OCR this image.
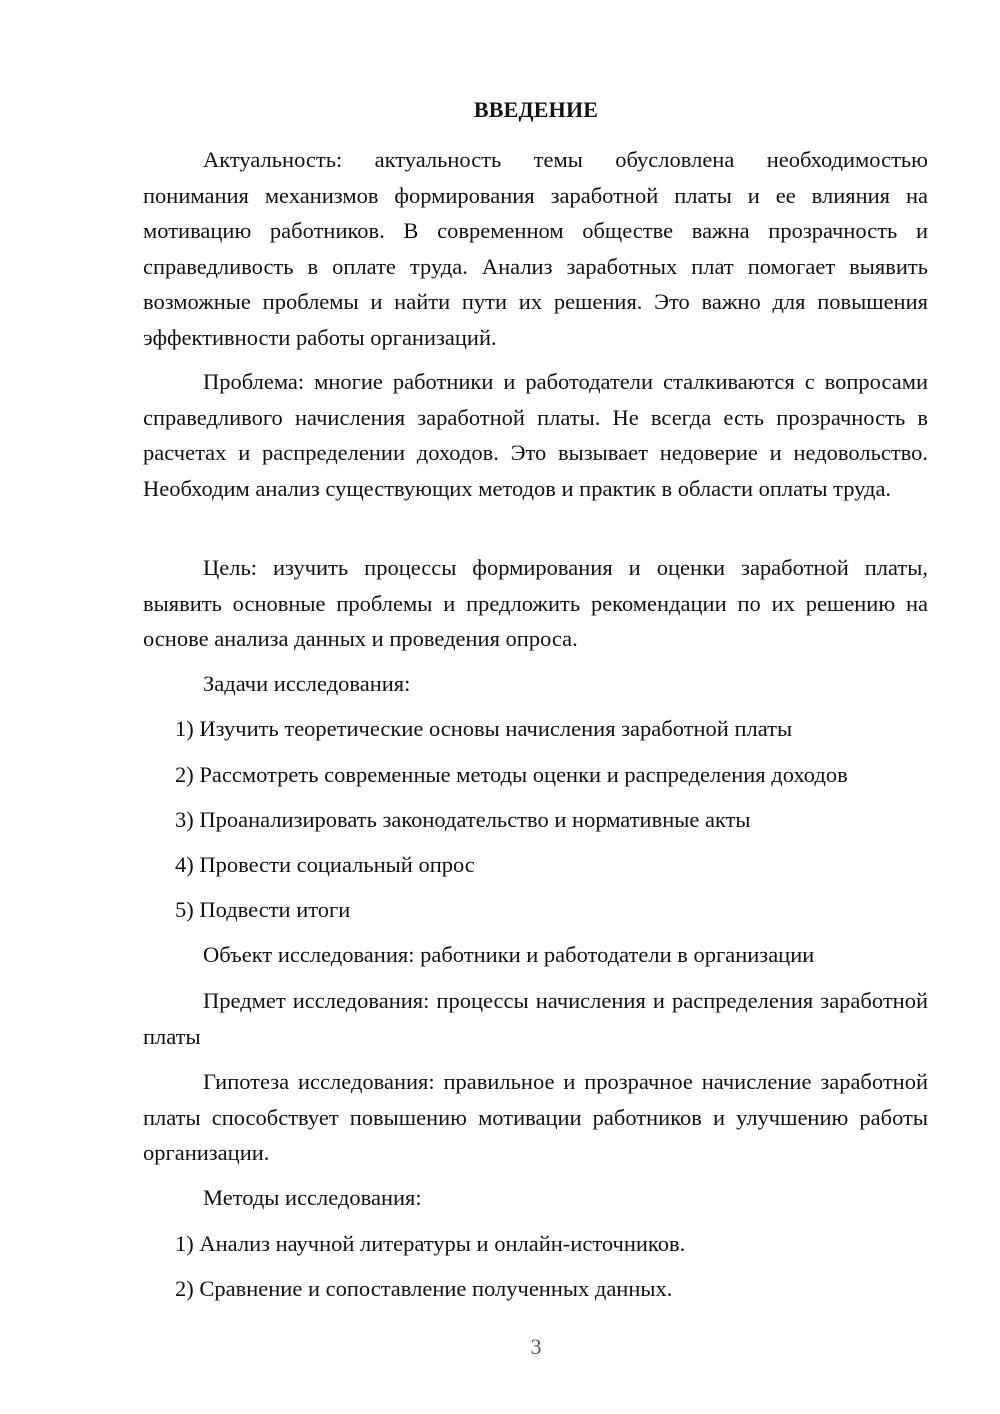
ВВЕДЕНИЕ

Актуальность: актуальность темы обусловлена необходимостью понимания механизмов формирования заработной платы и ее влияния на мотивацию работников. В современном обществе важна прозрачность и справедливость в оплате труда. Анализ заработных плат помогает выявить возможные проблемы и найти пути их решения. Это важно для повышения эффективности работы организаций.

Проблема: многие работники и работодатели сталкиваются с вопросами справедливого начисления заработной платы. Не всегда есть прозрачность в расчетах и распределении доходов. Это вызывает недоверие и недовольство. Необходим анализ существующих методов и практик в области оплаты труда.

Цель: изучить процессы формирования и оценки заработной платы, выявить основные проблемы и предложить рекомендации по их решению на основе анализа данных и проведения опроса.

Задачи исследования:

1) Изучить теоретические основы начисления заработной платы

2) Рассмотреть современные методы оценки и распределения доходов

3) Проанализировать законодательство и нормативные акты

4) Провести социальный опрос

5) Подвести итоги

Объект исследования: работники и работодатели в организации

Предмет исследования: процессы начисления и распределения заработной платы

Гипотеза исследования: правильное и прозрачное начисление заработной платы способствует повышению мотивации работников и улучшению работы организации.

Методы исследования:

1) Анализ научной литературы и онлайн-источников.

2) Сравнение и сопоставление полученных данных.

3
